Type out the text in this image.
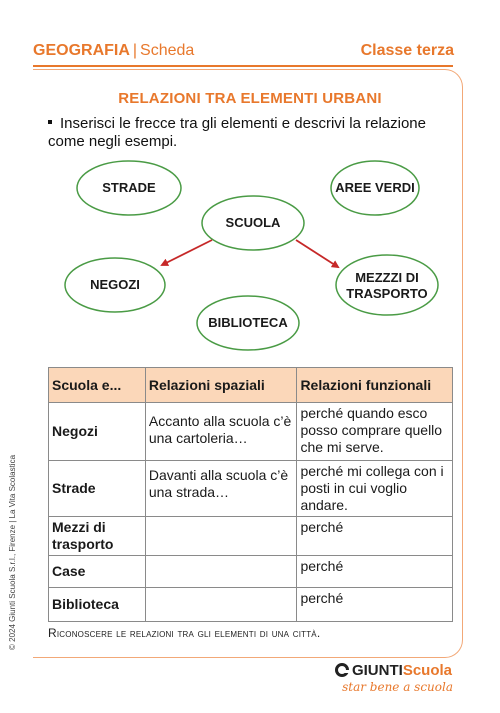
GEOGRAFIA | Scheda	Classe terza
RELAZIONI TRA ELEMENTI URBANI
Inserisci le frecce tra gli elementi e descrivi la relazione come negli esempi.
STRADE	AREE VERDI
SCUOLA
NEGOZI	MEZZZI DI TRASPORTO
BIBLIOTECA
Scuola e...	Relazioni spaziali	Relazioni funzionali
Negozi	Accanto alla scuola c’è una cartoleria…	perché quando esco posso comprare quello che mi serve.
Strade	Davanti alla scuola c’è una strada…	perché mi collega con i posti in cui voglio andare.
Mezzi di trasporto		perché
Case		perché
Biblioteca		perché
Riconoscere le relazioni tra gli elementi di una città.
© 2024 Giunti Scuola S.r.l., Firenze | La Vita Scolastica
GIUNTIScuola
star bene a scuola
